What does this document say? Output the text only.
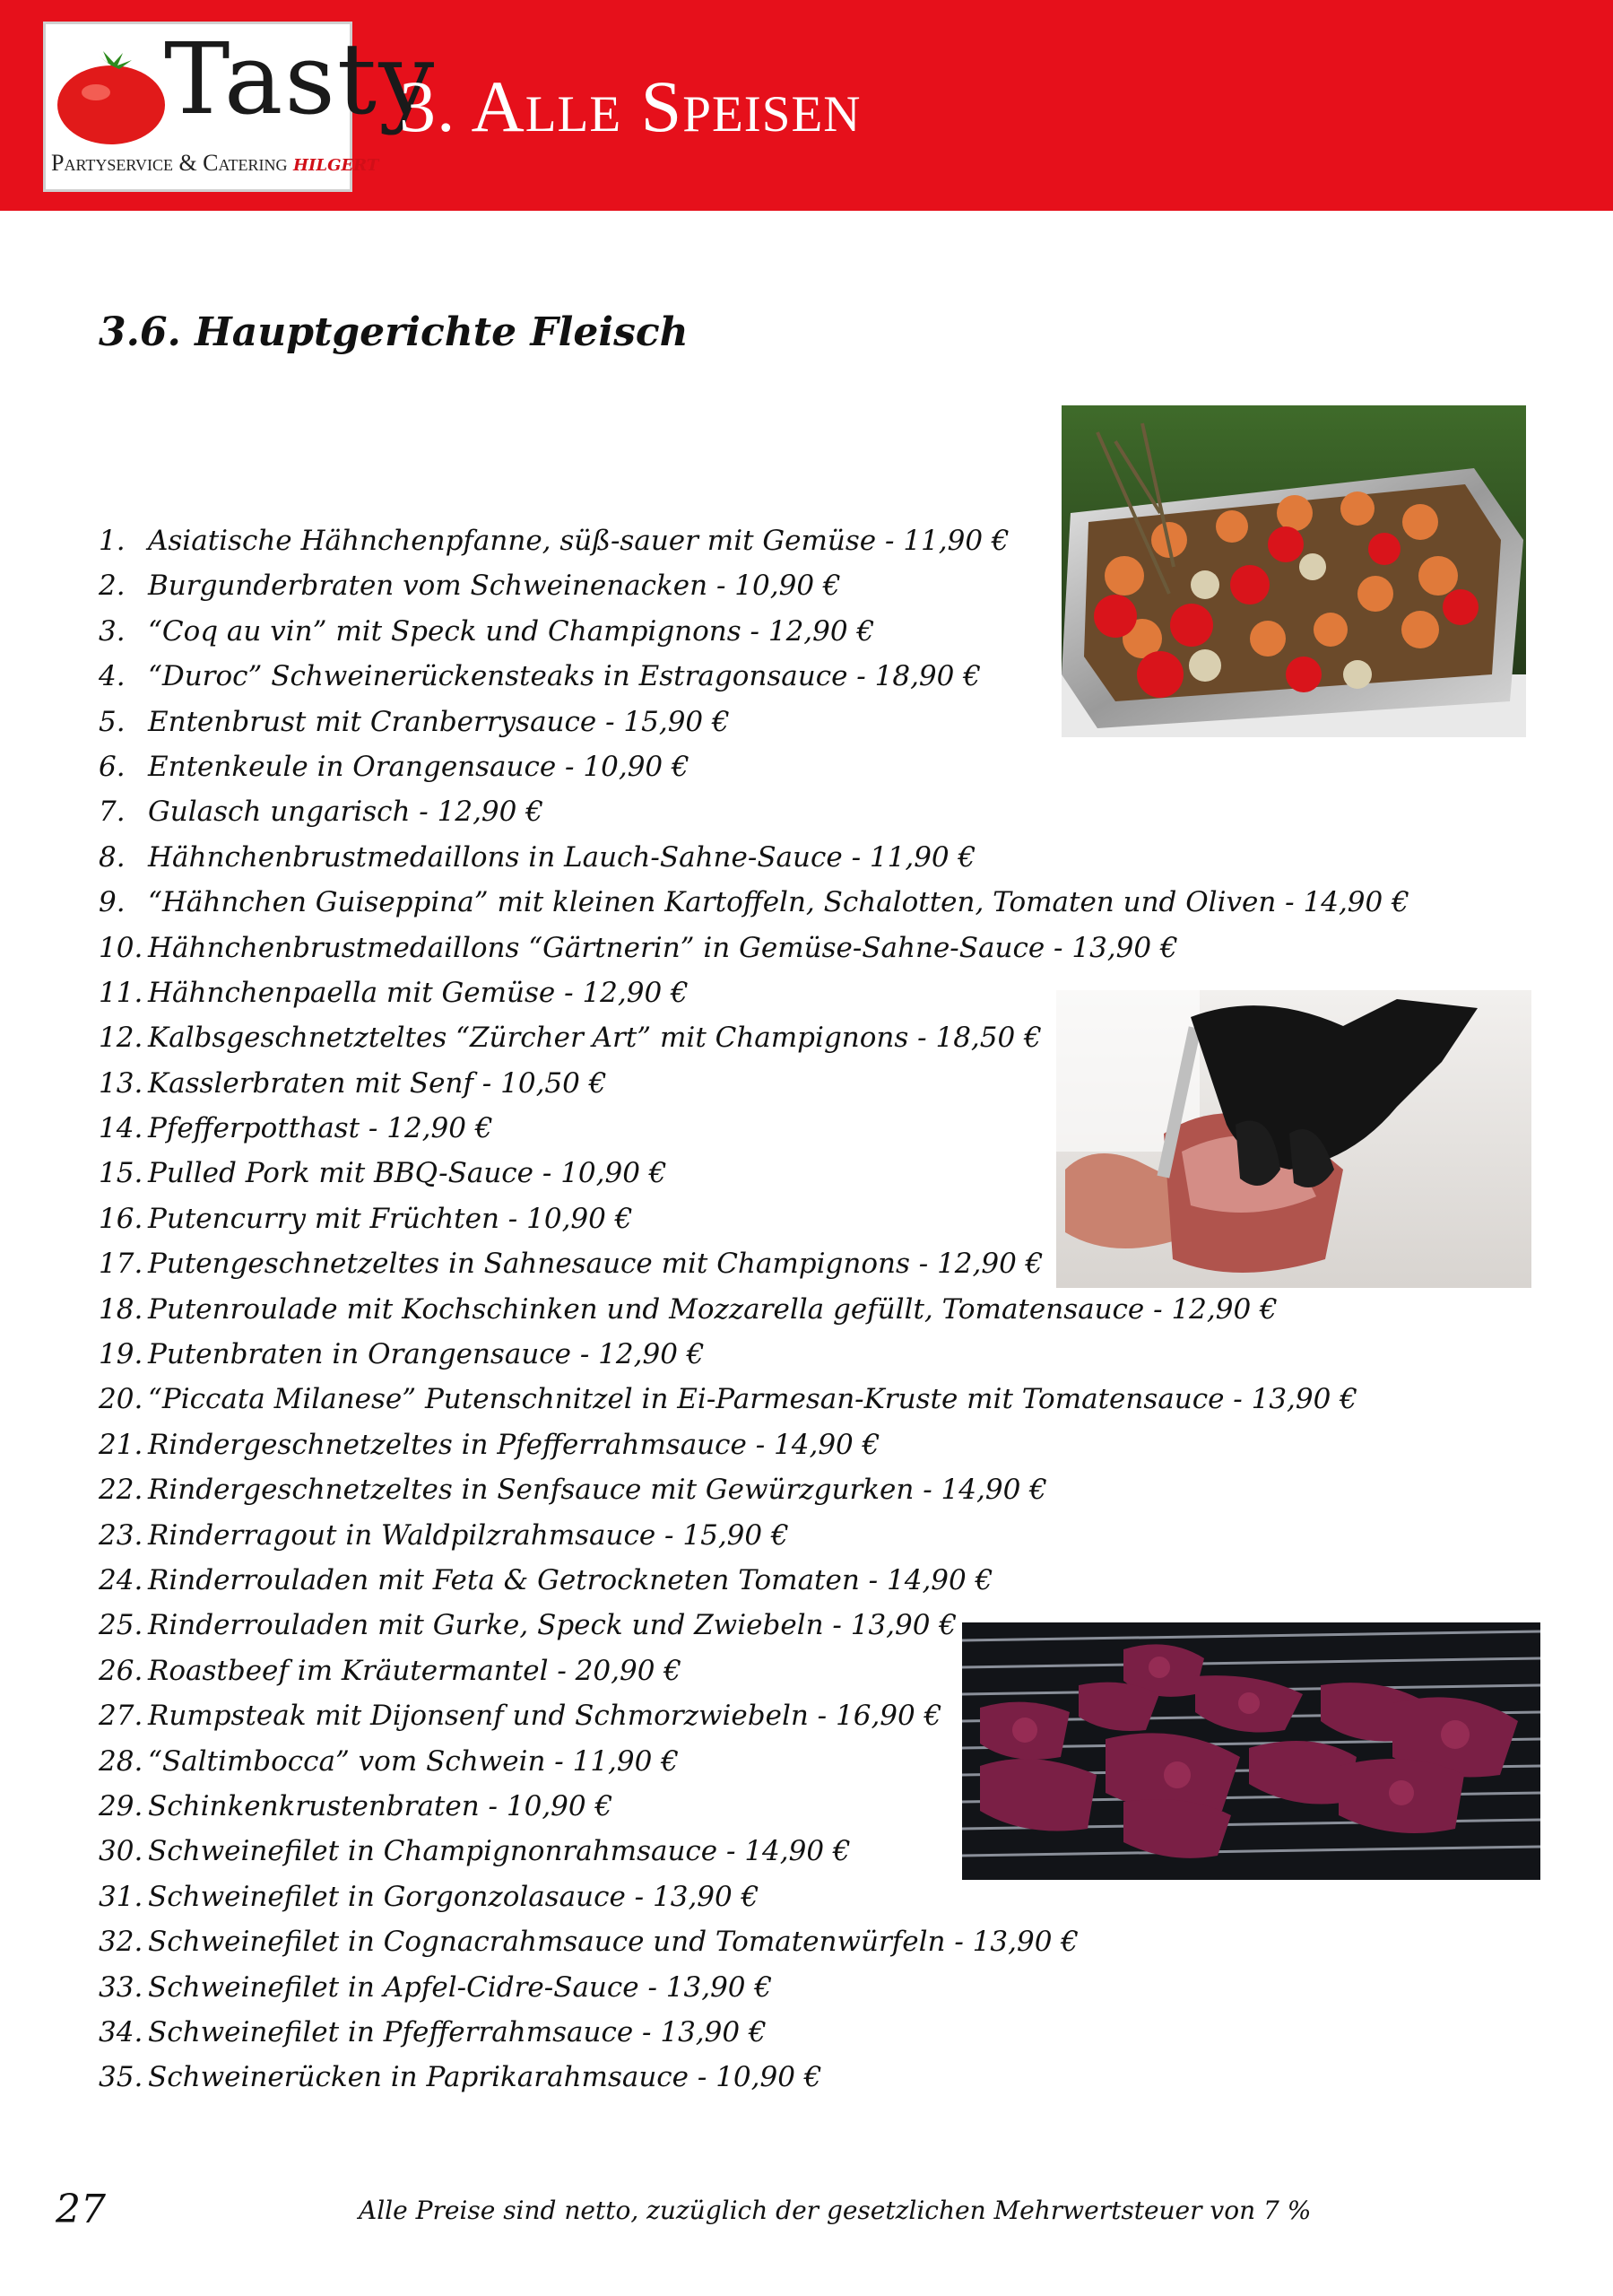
Tasty
Partyservice & Catering hilgert
3. Alle Speisen
3.6. Hauptgerichte Fleisch
1. Asiatische Hähnchenpfanne, süß-sauer mit Gemüse - 11,90 €
2. Burgunderbraten vom Schweinenacken - 10,90 €
3. “Coq au vin” mit Speck und Champignons - 12,90 €
4. “Duroc” Schweinerückensteaks in Estragonsauce - 18,90 €
5. Entenbrust mit Cranberrysauce - 15,90 €
6. Entenkeule in Orangensauce - 10,90 €
7. Gulasch ungarisch - 12,90 €
8. Hähnchenbrustmedaillons in Lauch-Sahne-Sauce - 11,90 €
9. “Hähnchen Guiseppina” mit kleinen Kartoffeln, Schalotten, Tomaten und Oliven - 14,90 €
10. Hähnchenbrustmedaillons “Gärtnerin” in Gemüse-Sahne-Sauce - 13,90 €
11. Hähnchenpaella mit Gemüse - 12,90 €
12. Kalbsgeschnetzteltes “Zürcher Art” mit Champignons - 18,50 €
13. Kasslerbraten mit Senf - 10,50 €
14. Pfefferpotthast - 12,90 €
15. Pulled Pork mit BBQ-Sauce - 10,90 €
16. Putencurry mit Früchten - 10,90 €
17. Putengeschnetzeltes in Sahnesauce mit Champignons - 12,90 €
18. Putenroulade mit Kochschinken und Mozzarella gefüllt, Tomatensauce - 12,90 €
19. Putenbraten in Orangensauce - 12,90 €
20. “Piccata Milanese” Putenschnitzel in Ei-Parmesan-Kruste mit Tomatensauce - 13,90 €
21. Rindergeschnetzeltes in Pfefferrahmsauce - 14,90 €
22. Rindergeschnetzeltes in Senfsauce mit Gewürzgurken - 14,90 €
23. Rinderragout in Waldpilzrahmsauce - 15,90 €
24. Rinderrouladen mit Feta & Getrockneten Tomaten - 14,90 €
25. Rinderrouladen mit Gurke, Speck und Zwiebeln - 13,90 €
26. Roastbeef im Kräutermantel - 20,90 €
27. Rumpsteak mit Dijonsenf und Schmorzwiebeln - 16,90 €
28. “Saltimbocca” vom Schwein - 11,90 €
29. Schinkenkrustenbraten - 10,90 €
30. Schweinefilet in Champignonrahmsauce - 14,90 €
31. Schweinefilet in Gorgonzolasauce - 13,90 €
32. Schweinefilet in Cognacrahmsauce und Tomatenwürfeln - 13,90 €
33. Schweinefilet in Apfel-Cidre-Sauce - 13,90 €
34. Schweinefilet in Pfefferrahmsauce - 13,90 €
35. Schweinerücken in Paprikarahmsauce - 10,90 €
27	Alle Preise sind netto, zuzüglich der gesetzlichen Mehrwertsteuer von 7 %
